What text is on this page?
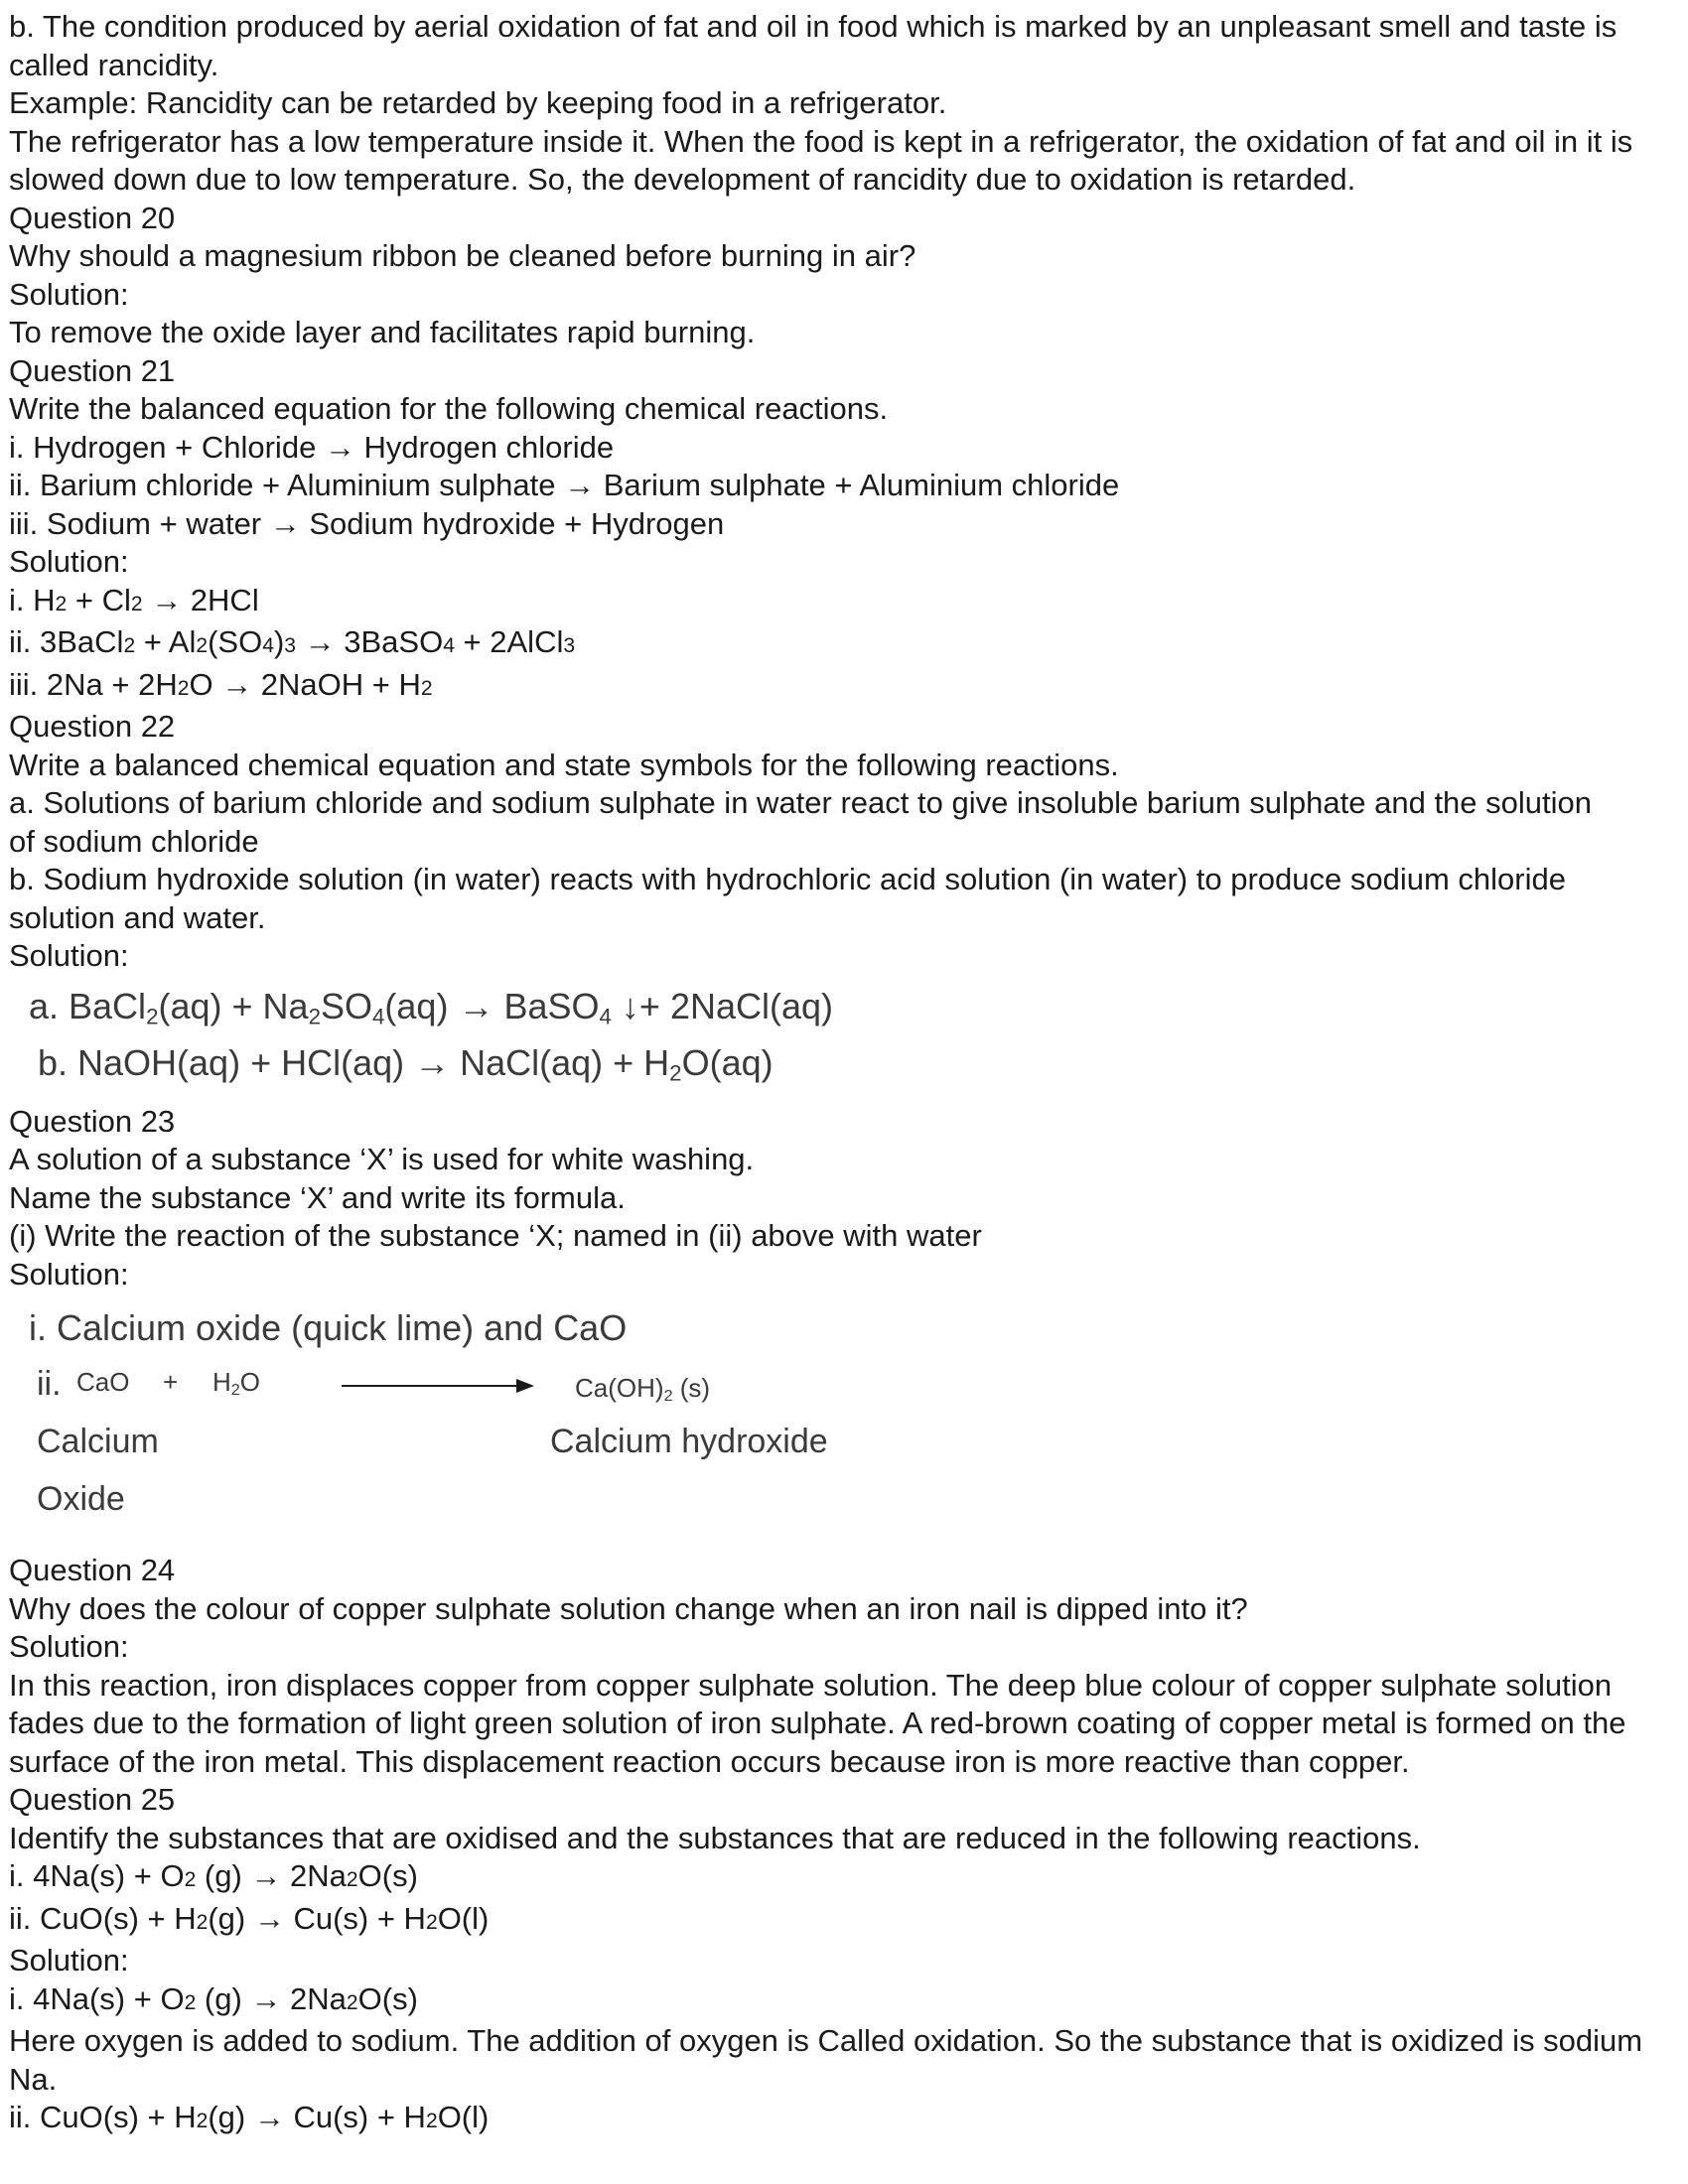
b. The condition produced by aerial oxidation of fat and oil in food which is marked by an unpleasant smell and taste is called rancidity.

Example: Rancidity can be retarded by keeping food in a refrigerator.

The refrigerator has a low temperature inside it. When the food is kept in a refrigerator, the oxidation of fat and oil in it is slowed down due to low temperature. So, the development of rancidity due to oxidation is retarded.

Question 20

Why should a magnesium ribbon be cleaned before burning in air?

Solution:

To remove the oxide layer and facilitates rapid burning.

Question 21

Write the balanced equation for the following chemical reactions.

i. Hydrogen + Chloride → Hydrogen chloride

ii. Barium chloride + Aluminium sulphate → Barium sulphate + Aluminium chloride

iii. Sodium + water → Sodium hydroxide + Hydrogen

Solution:

i. H2 + Cl2 → 2HCl

ii. 3BaCl2 + Al2(SO4)3 → 3BaSO4 + 2AlCl3

iii. 2Na + 2H2O → 2NaOH + H2

Question 22

Write a balanced chemical equation and state symbols for the following reactions.

a. Solutions of barium chloride and sodium sulphate in water react to give insoluble barium sulphate and the solution of sodium chloride

b. Sodium hydroxide solution (in water) reacts with hydrochloric acid solution (in water) to produce sodium chloride solution and water.

Solution:

a. BaCl$_2$(aq) + $Na_2SO_4(aq)$ → BaSO$_4$ ↓+ 2NaCl(aq)
b. NaOH(aq) + HCl(aq) → NaCl(aq) + $H_2O(aq)$

Question 23

A solution of a substance ‘X’ is used for white washing.

Name the substance ‘X’ and write its formula.

(i) Write the reaction of the substance ‘X; named in (ii) above with water

Solution:

i. Calcium oxide (quick lime) and CaO
ii. CaO + $H_2O$	$Ca(OH)_2$ (s)
Calcium
Oxide
Calcium hydroxide

Question 24

Why does the colour of copper sulphate solution change when an iron nail is dipped into it?

Solution:

In this reaction, iron displaces copper from copper sulphate solution. The deep blue colour of copper sulphate solution fades due to the formation of light green solution of iron sulphate. A red-brown coating of copper metal is formed on the surface of the iron metal. This displacement reaction occurs because iron is more reactive than copper.

Question 25

Identify the substances that are oxidised and the substances that are reduced in the following reactions.

i. 4Na(s) + O2 (g) → 2Na2O(s)

ii. CuO(s) + H2(g) → Cu(s) + H2O(l)

Solution:

i. 4Na(s) + O2 (g) → 2Na2O(s)

Here oxygen is added to sodium. The addition of oxygen is Called oxidation. So the substance that is oxidized is sodium Na.

ii. CuO(s) + H2(g) → Cu(s) + H2O(l)
